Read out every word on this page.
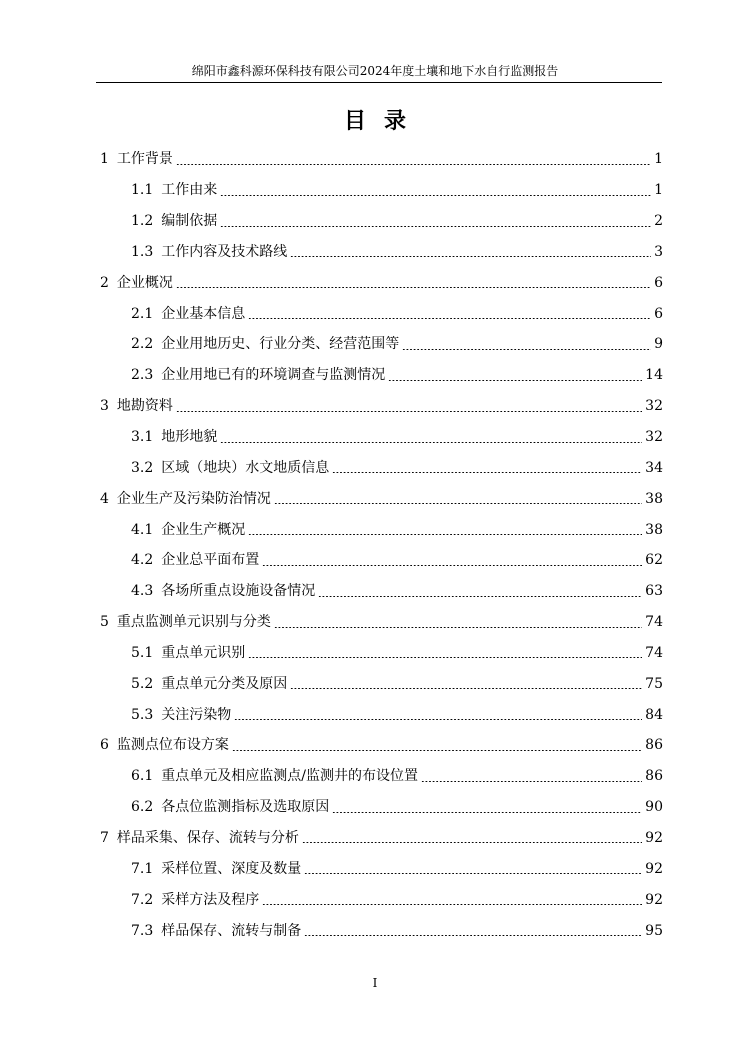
绵阳市鑫科源环保科技有限公司2024年度土壤和地下水自行监测报告
目录
1 工作背景	1
1.1 工作由来	1
1.2 编制依据	2
1.3 工作内容及技术路线	3
2 企业概况	6
2.1 企业基本信息	6
2.2 企业用地历史、行业分类、经营范围等	9
2.3 企业用地已有的环境调查与监测情况	14
3 地勘资料	32
3.1 地形地貌	32
3.2 区域（地块）水文地质信息	34
4 企业生产及污染防治情况	38
4.1 企业生产概况	38
4.2 企业总平面布置	62
4.3 各场所重点设施设备情况	63
5 重点监测单元识别与分类	74
5.1 重点单元识别	74
5.2 重点单元分类及原因	75
5.3 关注污染物	84
6 监测点位布设方案	86
6.1 重点单元及相应监测点/监测井的布设位置	86
6.2 各点位监测指标及选取原因	90
7 样品采集、保存、流转与分析	92
7.1 采样位置、深度及数量	92
7.2 采样方法及程序	92
7.3 样品保存、流转与制备	95
I
